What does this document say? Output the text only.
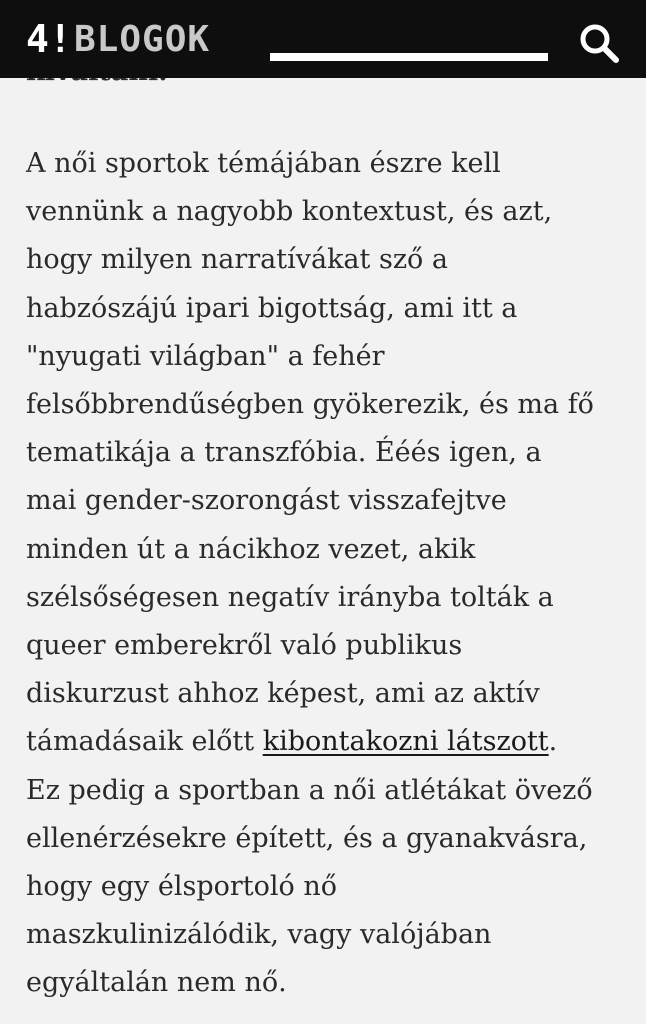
4! BLOGOK

A női sportok témájában észre kell
vennünk a nagyobb kontextust, és azt,
hogy milyen narratívákat sző a
habzószájú ipari bigottság, ami itt a
"nyugati világban" a fehér
felsőbbrendűségben gyökerezik, és ma fő
tematikája a transzfóbia. Ééés igen, a
mai gender-szorongást visszafejtve
minden út a nácikhoz vezet, akik
szélsőségesen negatív irányba tolták a
queer emberekről való publikus
diskurzust ahhoz képest, ami az aktív
támadásaik előtt kibontakozni látszott.
Ez pedig a sportban a női atlétákat övező
ellenérzésekre épített, és a gyanakvásra,
hogy egy élsportoló nő
maszkulinizálódik, vagy valójában
egyáltalán nem nő.
